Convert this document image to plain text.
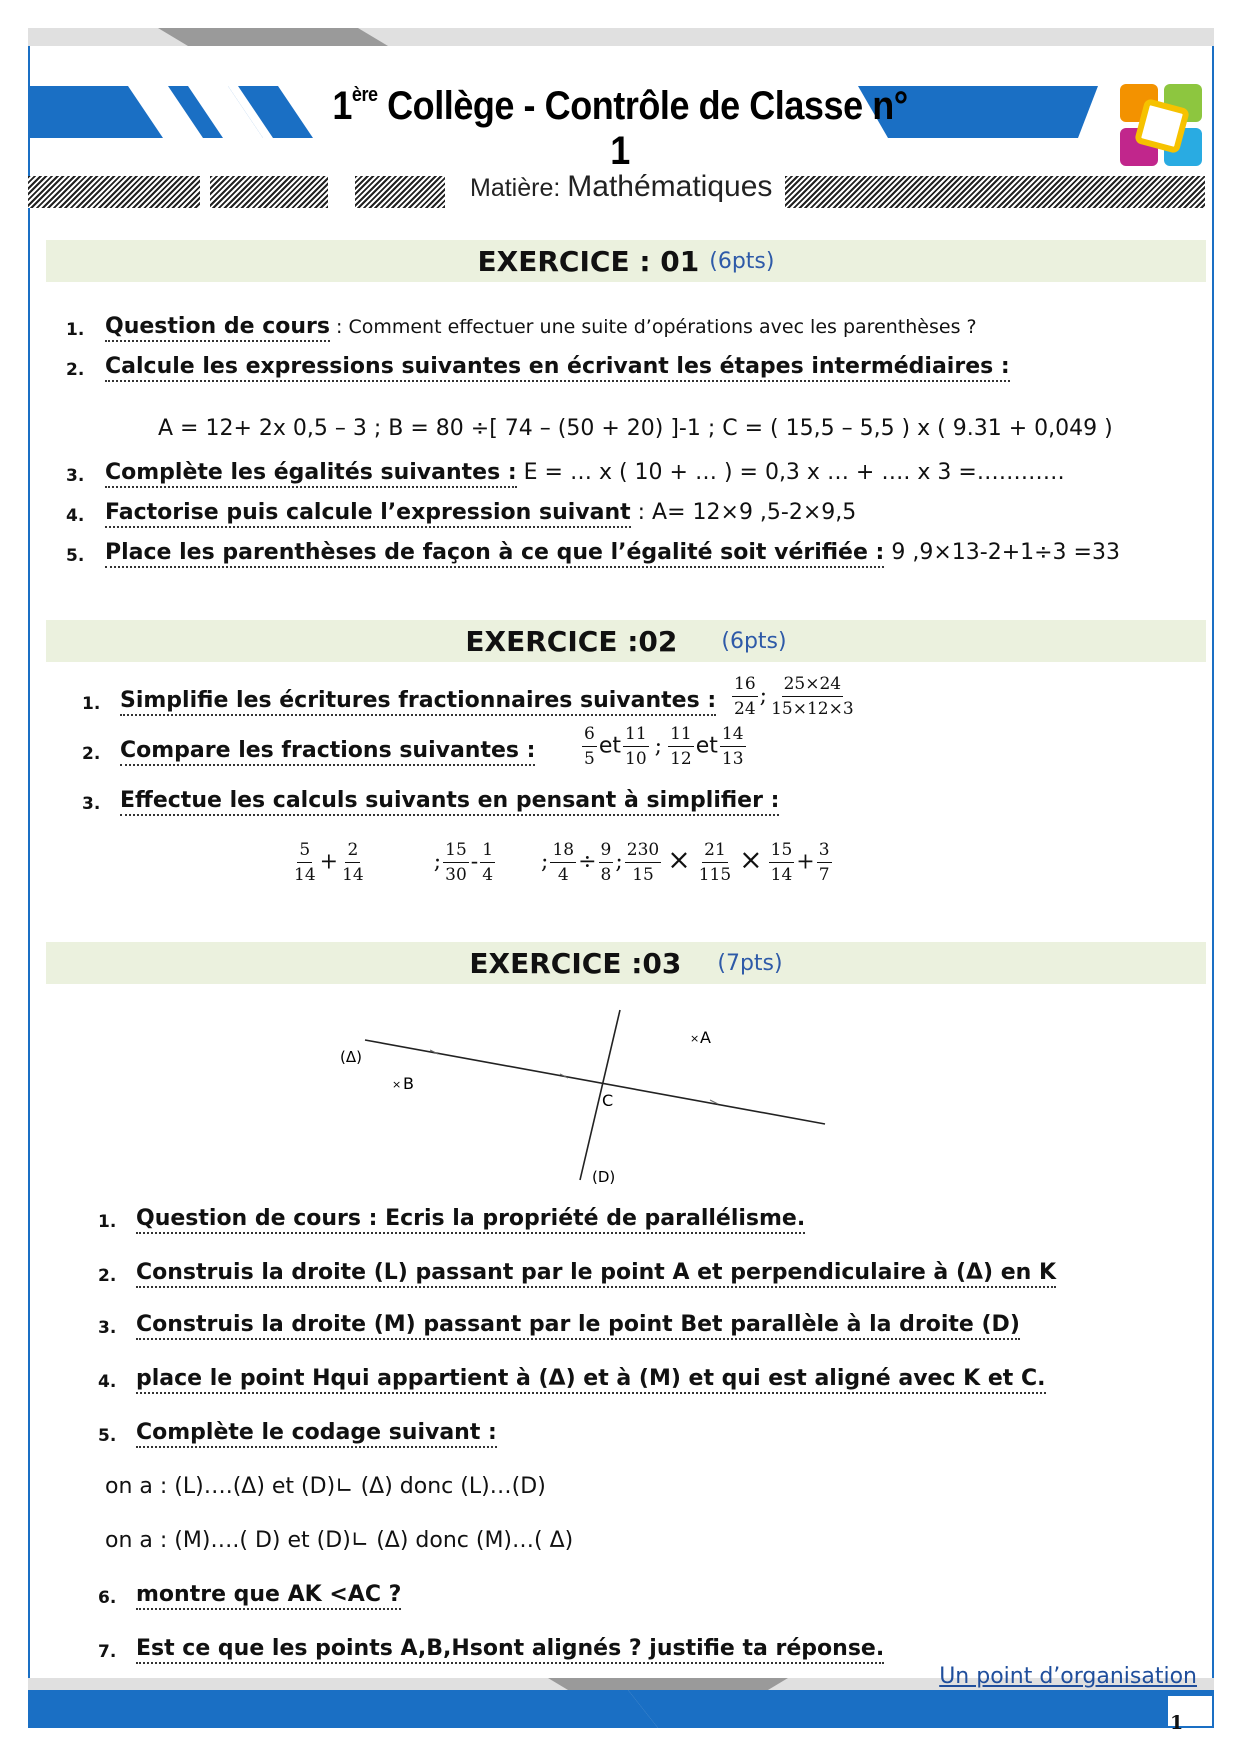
1ère Collège - Contrôle de Classe n° 1
Matière: Mathématiques
EXERCICE : 01 (6pts)
1. Question de cours : Comment effectuer une suite d’opérations avec les parenthèses ?
2. Calcule les expressions suivantes en écrivant les étapes intermédiaires :
A = 12+ 2x 0,5 – 3 ; B = 80 ÷[ 74 – (50 + 20) ]-1 ; C = ( 15,5 – 5,5 ) x ( 9.31 + 0,049 )
3. Complète les égalités suivantes : E = … x ( 10 + … ) = 0,3 x … + …. x 3 =…………
4. Factorise puis calcule l’expression suivant : A= 12×9 ,5-2×9,5
5. Place les parenthèses de façon à ce que l’égalité soit vérifiée : 9 ,9×13-2+1÷3 =33
EXERCICE :02 (6pts)
1. Simplifie les écritures fractionnaires suivantes : $\frac{16}{24}$ ; $\frac{25\times 24}{15\times 12\times 3}$
2. Compare les fractions suivantes :	$\frac{6}{5}$ et $\frac{11}{10}$ ; $\frac{11}{12}$ et $\frac{14}{13}$
3. Effectue les calculs suivants en pensant à simplifier :
$\frac{5}{14} + \frac{2}{14}$	; $\frac{15}{30} - \frac{1}{4}$ ; $\frac{18}{4} \div \frac{9}{8}$ ; $\frac{230}{15} \times \frac{21}{115} \times \frac{15}{14} + \frac{3}{7}$
EXERCICE :03 (7pts)
(Δ)
(D)
× A
× B
C
1. Question de cours : Ecris la propriété de parallélisme.
2. Construis la droite (L) passant par le point A et perpendiculaire à (Δ) en K
3. Construis la droite (M) passant par le point Bet parallèle à la droite (D)
4. place le point Hqui appartient à (Δ) et à (M) et qui est aligné avec K et C.
5. Complète le codage suivant :
on a : (L)….(Δ) et (D)∟ (Δ) donc (L)…(D)
on a : (M)….( D) et (D)∟ (Δ) donc (M)…( Δ)
6. montre que AK <AC ?
7. Est ce que les points A,B,Hsont alignés ? justifie ta réponse.
Un point d’organisation
1
